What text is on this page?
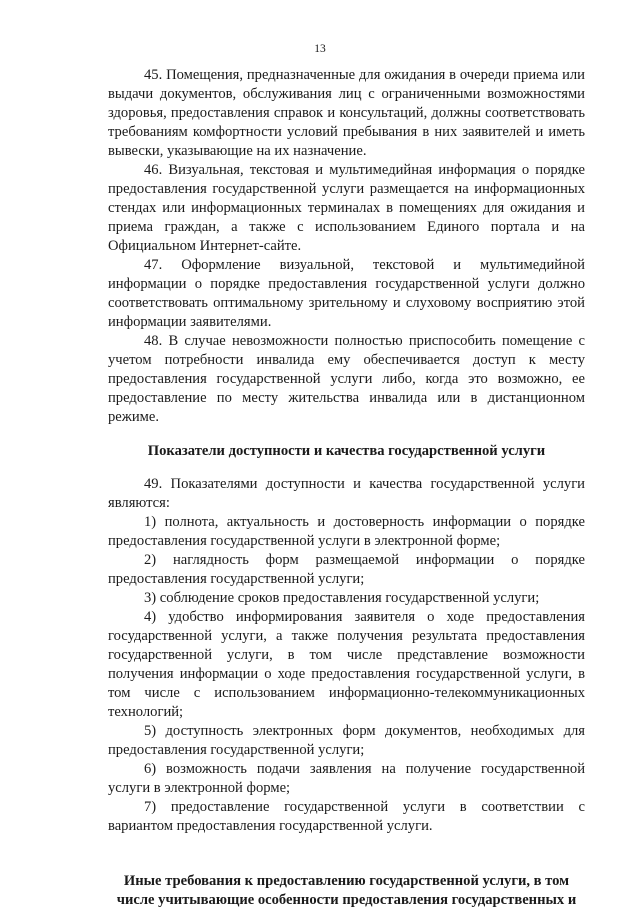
13

45. Помещения, предназначенные для ожидания в очереди приема или выдачи документов, обслуживания лиц с ограниченными возможностями здоровья, предоставления справок и консультаций, должны соответствовать требованиям комфортности условий пребывания в них заявителей и иметь вывески, указывающие на их назначение.

46. Визуальная, текстовая и мультимедийная информация о порядке предоставления государственной услуги размещается на информационных стендах или информационных терминалах в помещениях для ожидания и приема граждан, а также с использованием Единого портала и на Официальном Интернет-сайте.

47. Оформление визуальной, текстовой и мультимедийной информации о порядке предоставления государственной услуги должно соответствовать оптимальному зрительному и слуховому восприятию этой информации заявителями.

48. В случае невозможности полностью приспособить помещение с учетом потребности инвалида ему обеспечивается доступ к месту предоставления государственной услуги либо, когда это возможно, ее предоставление по месту жительства инвалида или в дистанционном режиме.

Показатели доступности и качества государственной услуги

49. Показателями доступности и качества государственной услуги являются:

1) полнота, актуальность и достоверность информации о порядке предоставления государственной услуги в электронной форме;

2) наглядность форм размещаемой информации о порядке предоставления государственной услуги;

3) соблюдение сроков предоставления государственной услуги;

4) удобство информирования заявителя о ходе предоставления государственной услуги, а также получения результата предоставления государственной услуги, в том числе представление возможности получения информации о ходе предоставления государственной услуги, в том числе с использованием информационно-телекоммуникационных технологий;

5) доступность электронных форм документов, необходимых для предоставления государственной услуги;

6) возможность подачи заявления на получение государственной услуги в электронной форме;

7) предоставление государственной услуги в соответствии с вариантом предоставления государственной услуги.

Иные требования к предоставлению государственной услуги, в том
числе учитывающие особенности предоставления государственных и
